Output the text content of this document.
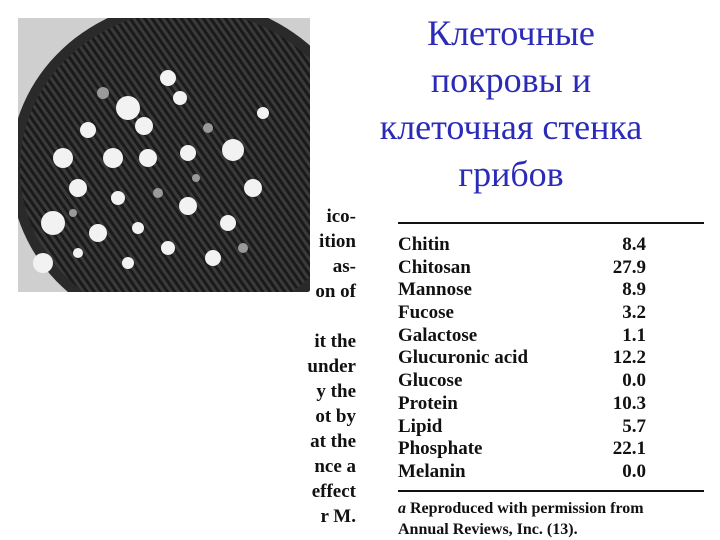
Клеточные
покровы и
клеточная стенка
грибов
ico-
ition
as-
on of
it the
under
y the
ot by
at the
nce a
effect
r M.
Chitin	8.4
Chitosan	27.9
Mannose	8.9
Fucose	3.2
Galactose	1.1
Glucuronic acid	12.2
Glucose	0.0
Protein	10.3
Lipid	5.7
Phosphate	22.1
Melanin	0.0
a Reproduced with permission from
Annual Reviews, Inc. (13).
